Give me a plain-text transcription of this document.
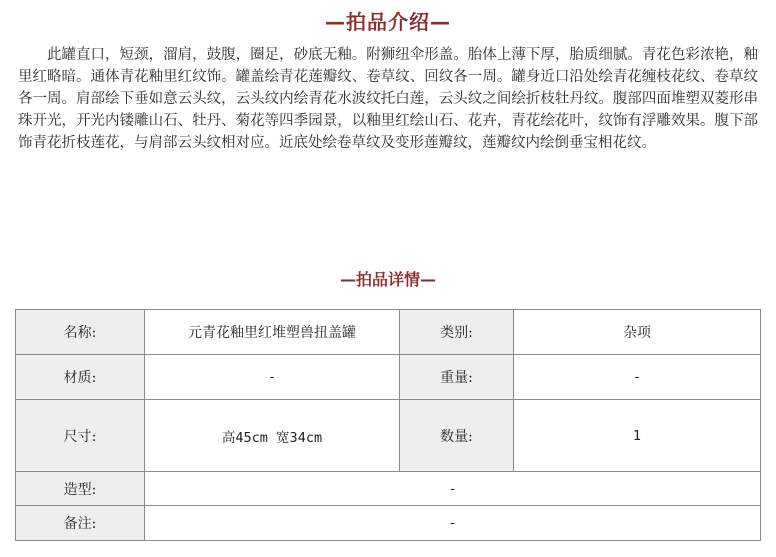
—拍品介绍—

此罐直口，短颈，溜肩，鼓腹，圈足，砂底无釉。附狮纽伞形盖。胎体上薄下厚，胎质细腻。青花色彩浓艳，釉里红略暗。通体青花釉里红纹饰。罐盖绘青花莲瓣纹、卷草纹、回纹各一周。罐身近口沿处绘青花缠枝花纹、卷草纹各一周。肩部绘下垂如意云头纹，云头纹内绘青花水波纹托白莲，云头纹之间绘折枝牡丹纹。腹部四面堆塑双菱形串珠开光，开光内镂雕山石、牡丹、菊花等四季园景，以釉里红绘山石、花卉，青花绘花叶，纹饰有浮雕效果。腹下部饰青花折枝莲花，与肩部云头纹相对应。近底处绘卷草纹及变形莲瓣纹，莲瓣纹内绘倒垂宝相花纹。

—拍品详情—
名称:	元青花釉里红堆塑兽扭盖罐	类别:	杂项
材质:	-	重量:	-
尺寸:	高45cm 宽34cm	数量:	1
造型:	-		
备注:	-		
